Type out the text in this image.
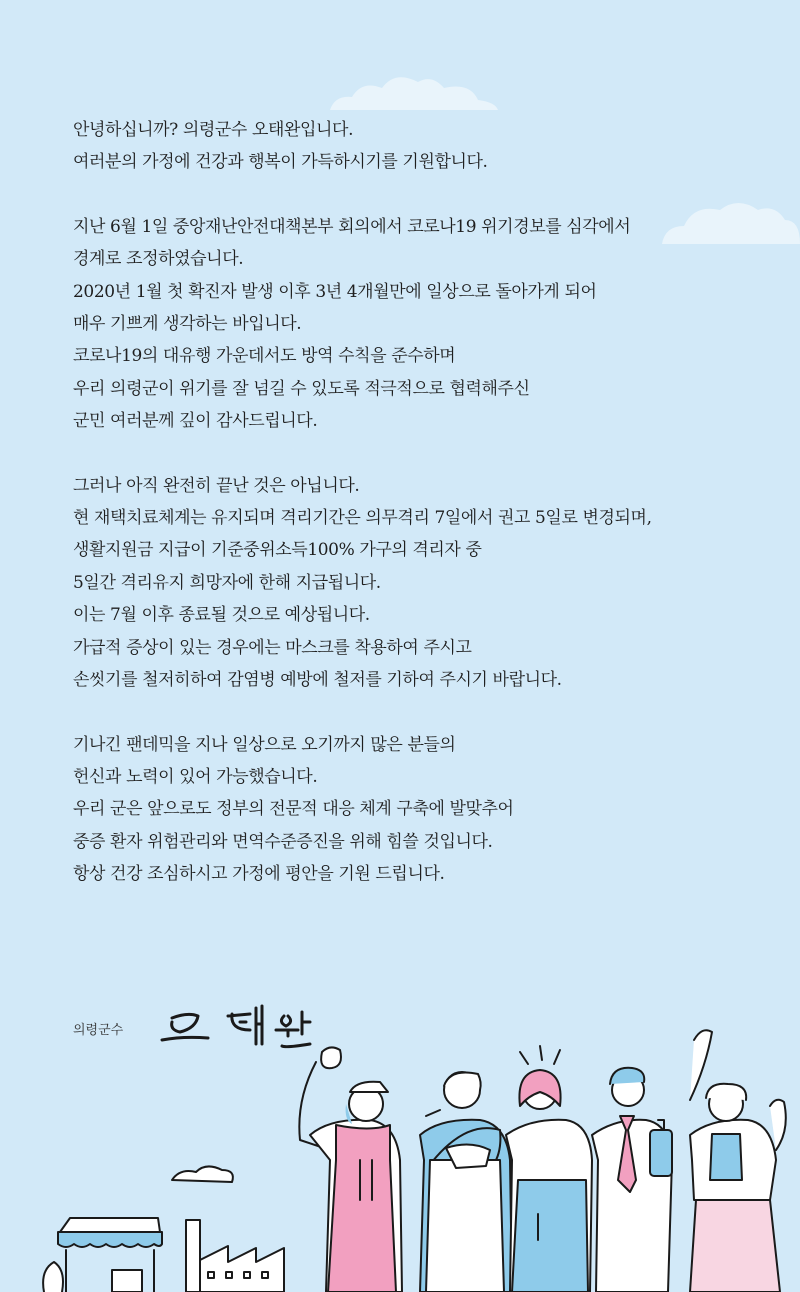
안녕하십니까? 의령군수 오태완입니다.
여러분의 가정에 건강과 행복이 가득하시기를 기원합니다.
지난 6월 1일 중앙재난안전대책본부 회의에서 코로나19 위기경보를 심각에서
경계로 조정하였습니다.
2020년 1월 첫 확진자 발생 이후 3년 4개월만에 일상으로 돌아가게 되어
매우 기쁘게 생각하는 바입니다.
코로나19의 대유행 가운데서도 방역 수칙을 준수하며
우리 의령군이 위기를 잘 넘길 수 있도록 적극적으로 협력해주신
군민 여러분께 깊이 감사드립니다.
그러나 아직 완전히 끝난 것은 아닙니다.
현 재택치료체계는 유지되며 격리기간은 의무격리 7일에서 권고 5일로 변경되며,
생활지원금 지급이 기준중위소득100% 가구의 격리자 중
5일간 격리유지 희망자에 한해 지급됩니다.
이는 7월 이후 종료될 것으로 예상됩니다.
가급적 증상이 있는 경우에는 마스크를 착용하여 주시고
손씻기를 철저히하여 감염병 예방에 철저를 기하여 주시기 바랍니다.
기나긴 팬데믹을 지나 일상으로 오기까지 많은 분들의
헌신과 노력이 있어 가능했습니다.
우리 군은 앞으로도 정부의 전문적 대응 체계 구축에 발맞추어
중증 환자 위험관리와 면역수준증진을 위해 힘쓸 것입니다.
항상 건강 조심하시고 가정에 평안을 기원 드립니다.
의령군수
